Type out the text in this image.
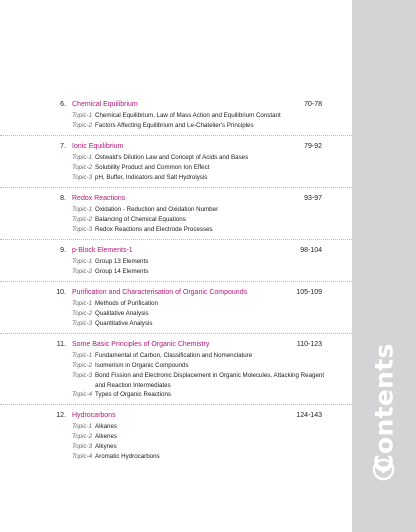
6. Chemical Equilibrium	70-78
Topic-1 Chemical Equilibrium, Law of Mass Action and Equilibrium Constant
Topic-2 Factors Affecting Equilibrium and Le-Chatelier's Principles
7. Ionic Equilibrium	79-92
Topic-1 Ostwald's Dilution Law and Concept of Acids and Bases
Topic-2 Solubility Product and Common Ion Effect
Topic-3 pH, Buffer, Indicators and Salt Hydrolysis
8. Redox Reactions	93-97
Topic-1 Oxidation - Reduction and Oxidation Number
Topic-2 Balancing of Chemical Equations
Topic-3 Redox Reactions and Electrode Processes
9. p-Block Elements-1	98-104
Topic-1 Group 13 Elements
Topic-2 Group 14 Elements
10. Purification and Characterisation of Organic Compounds	105-109
Topic-1 Methods of Purification
Topic-2 Qualitative Analysis
Topic-3 Quantitative Analysis
11. Some Basic Principles of Organic Chemistry	110-123
Topic-1 Fundamental of Carbon, Classification and Nomenclature
Topic-2 Isomerism in Organic Compounds
Topic-3 Bond Fission and Electronic Displacement in Organic Molecules, Attacking Reagent and Reaction Intermediates
Topic-4 Types of Organic Reactions
12. Hydrocarbons	124-143
Topic-1 Alkanes
Topic-2 Alkenes
Topic-3 Alkynes
Topic-4 Aromatic Hydrocarbons	Contents
